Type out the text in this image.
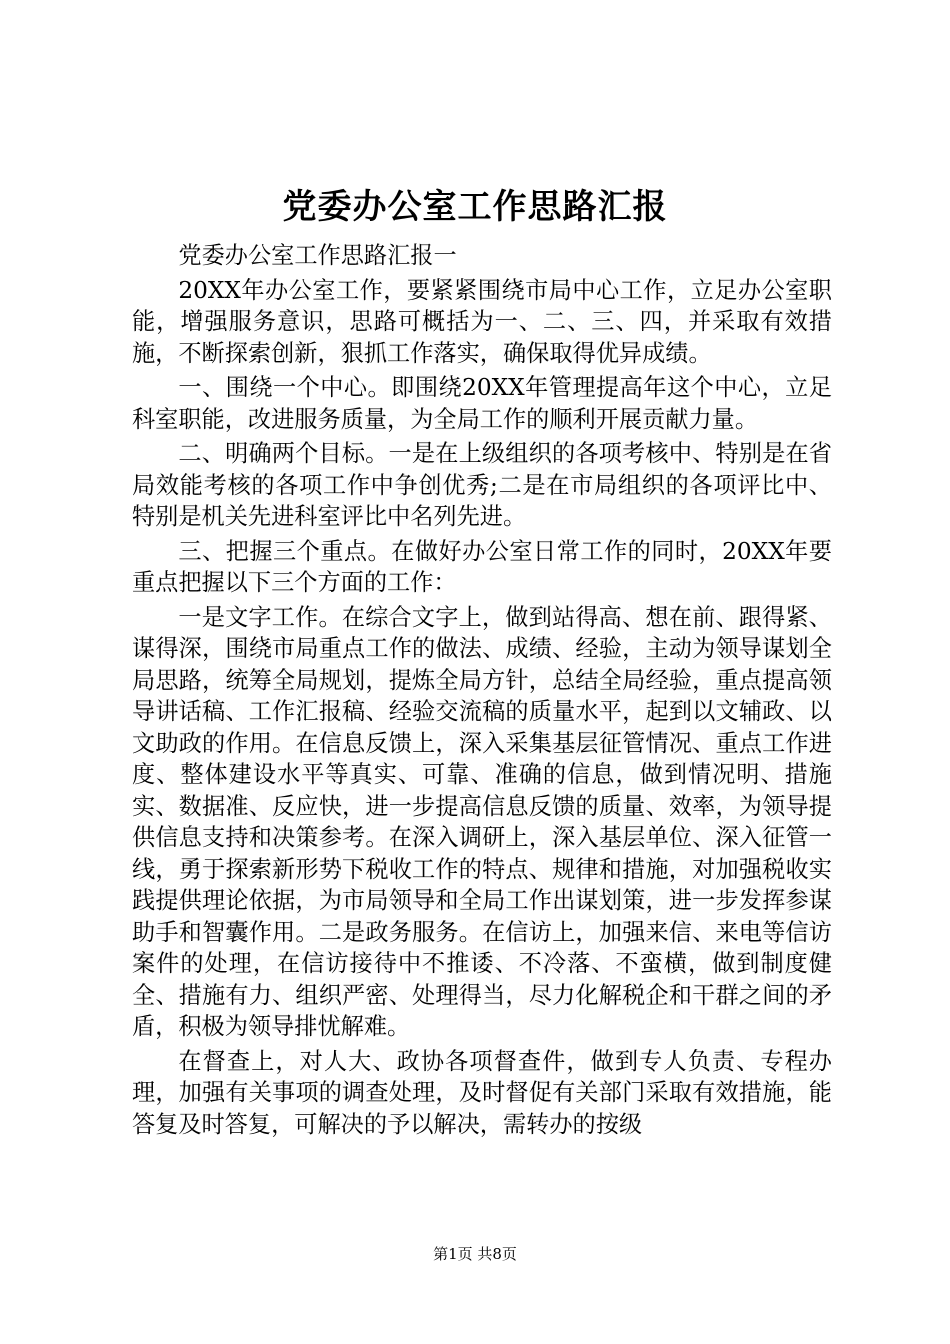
党委办公室工作思路汇报

党委办公室工作思路汇报一

20XX年办公室工作，要紧紧围绕市局中心工作，立足办公室职能，增强服务意识，思路可概括为一、二、三、四，并采取有效措施，不断探索创新，狠抓工作落实，确保取得优异成绩。

一、围绕一个中心。即围绕20XX年管理提高年这个中心，立足科室职能，改进服务质量，为全局工作的顺利开展贡献力量。

二、明确两个目标。一是在上级组织的各项考核中、特别是在省局效能考核的各项工作中争创优秀;二是在市局组织的各项评比中、特别是机关先进科室评比中名列先进。

三、把握三个重点。在做好办公室日常工作的同时，20XX年要重点把握以下三个方面的工作：

一是文字工作。在综合文字上，做到站得高、想在前、跟得紧、谋得深，围绕市局重点工作的做法、成绩、经验，主动为领导谋划全局思路，统筹全局规划，提炼全局方针，总结全局经验，重点提高领导讲话稿、工作汇报稿、经验交流稿的质量水平，起到以文辅政、以文助政的作用。在信息反馈上，深入采集基层征管情况、重点工作进度、整体建设水平等真实、可靠、准确的信息，做到情况明、措施实、数据准、反应快，进一步提高信息反馈的质量、效率，为领导提供信息支持和决策参考。在深入调研上，深入基层单位、深入征管一线，勇于探索新形势下税收工作的特点、规律和措施，对加强税收实践提供理论依据，为市局领导和全局工作出谋划策，进一步发挥参谋助手和智囊作用。二是政务服务。在信访上，加强来信、来电等信访案件的处理，在信访接待中不推诿、不冷落、不蛮横，做到制度健全、措施有力、组织严密、处理得当，尽力化解税企和干群之间的矛盾，积极为领导排忧解难。

在督查上，对人大、政协各项督查件，做到专人负责、专程办理，加强有关事项的调查处理，及时督促有关部门采取有效措施，能答复及时答复，可解决的予以解决，需转办的按级

第1页 共8页
